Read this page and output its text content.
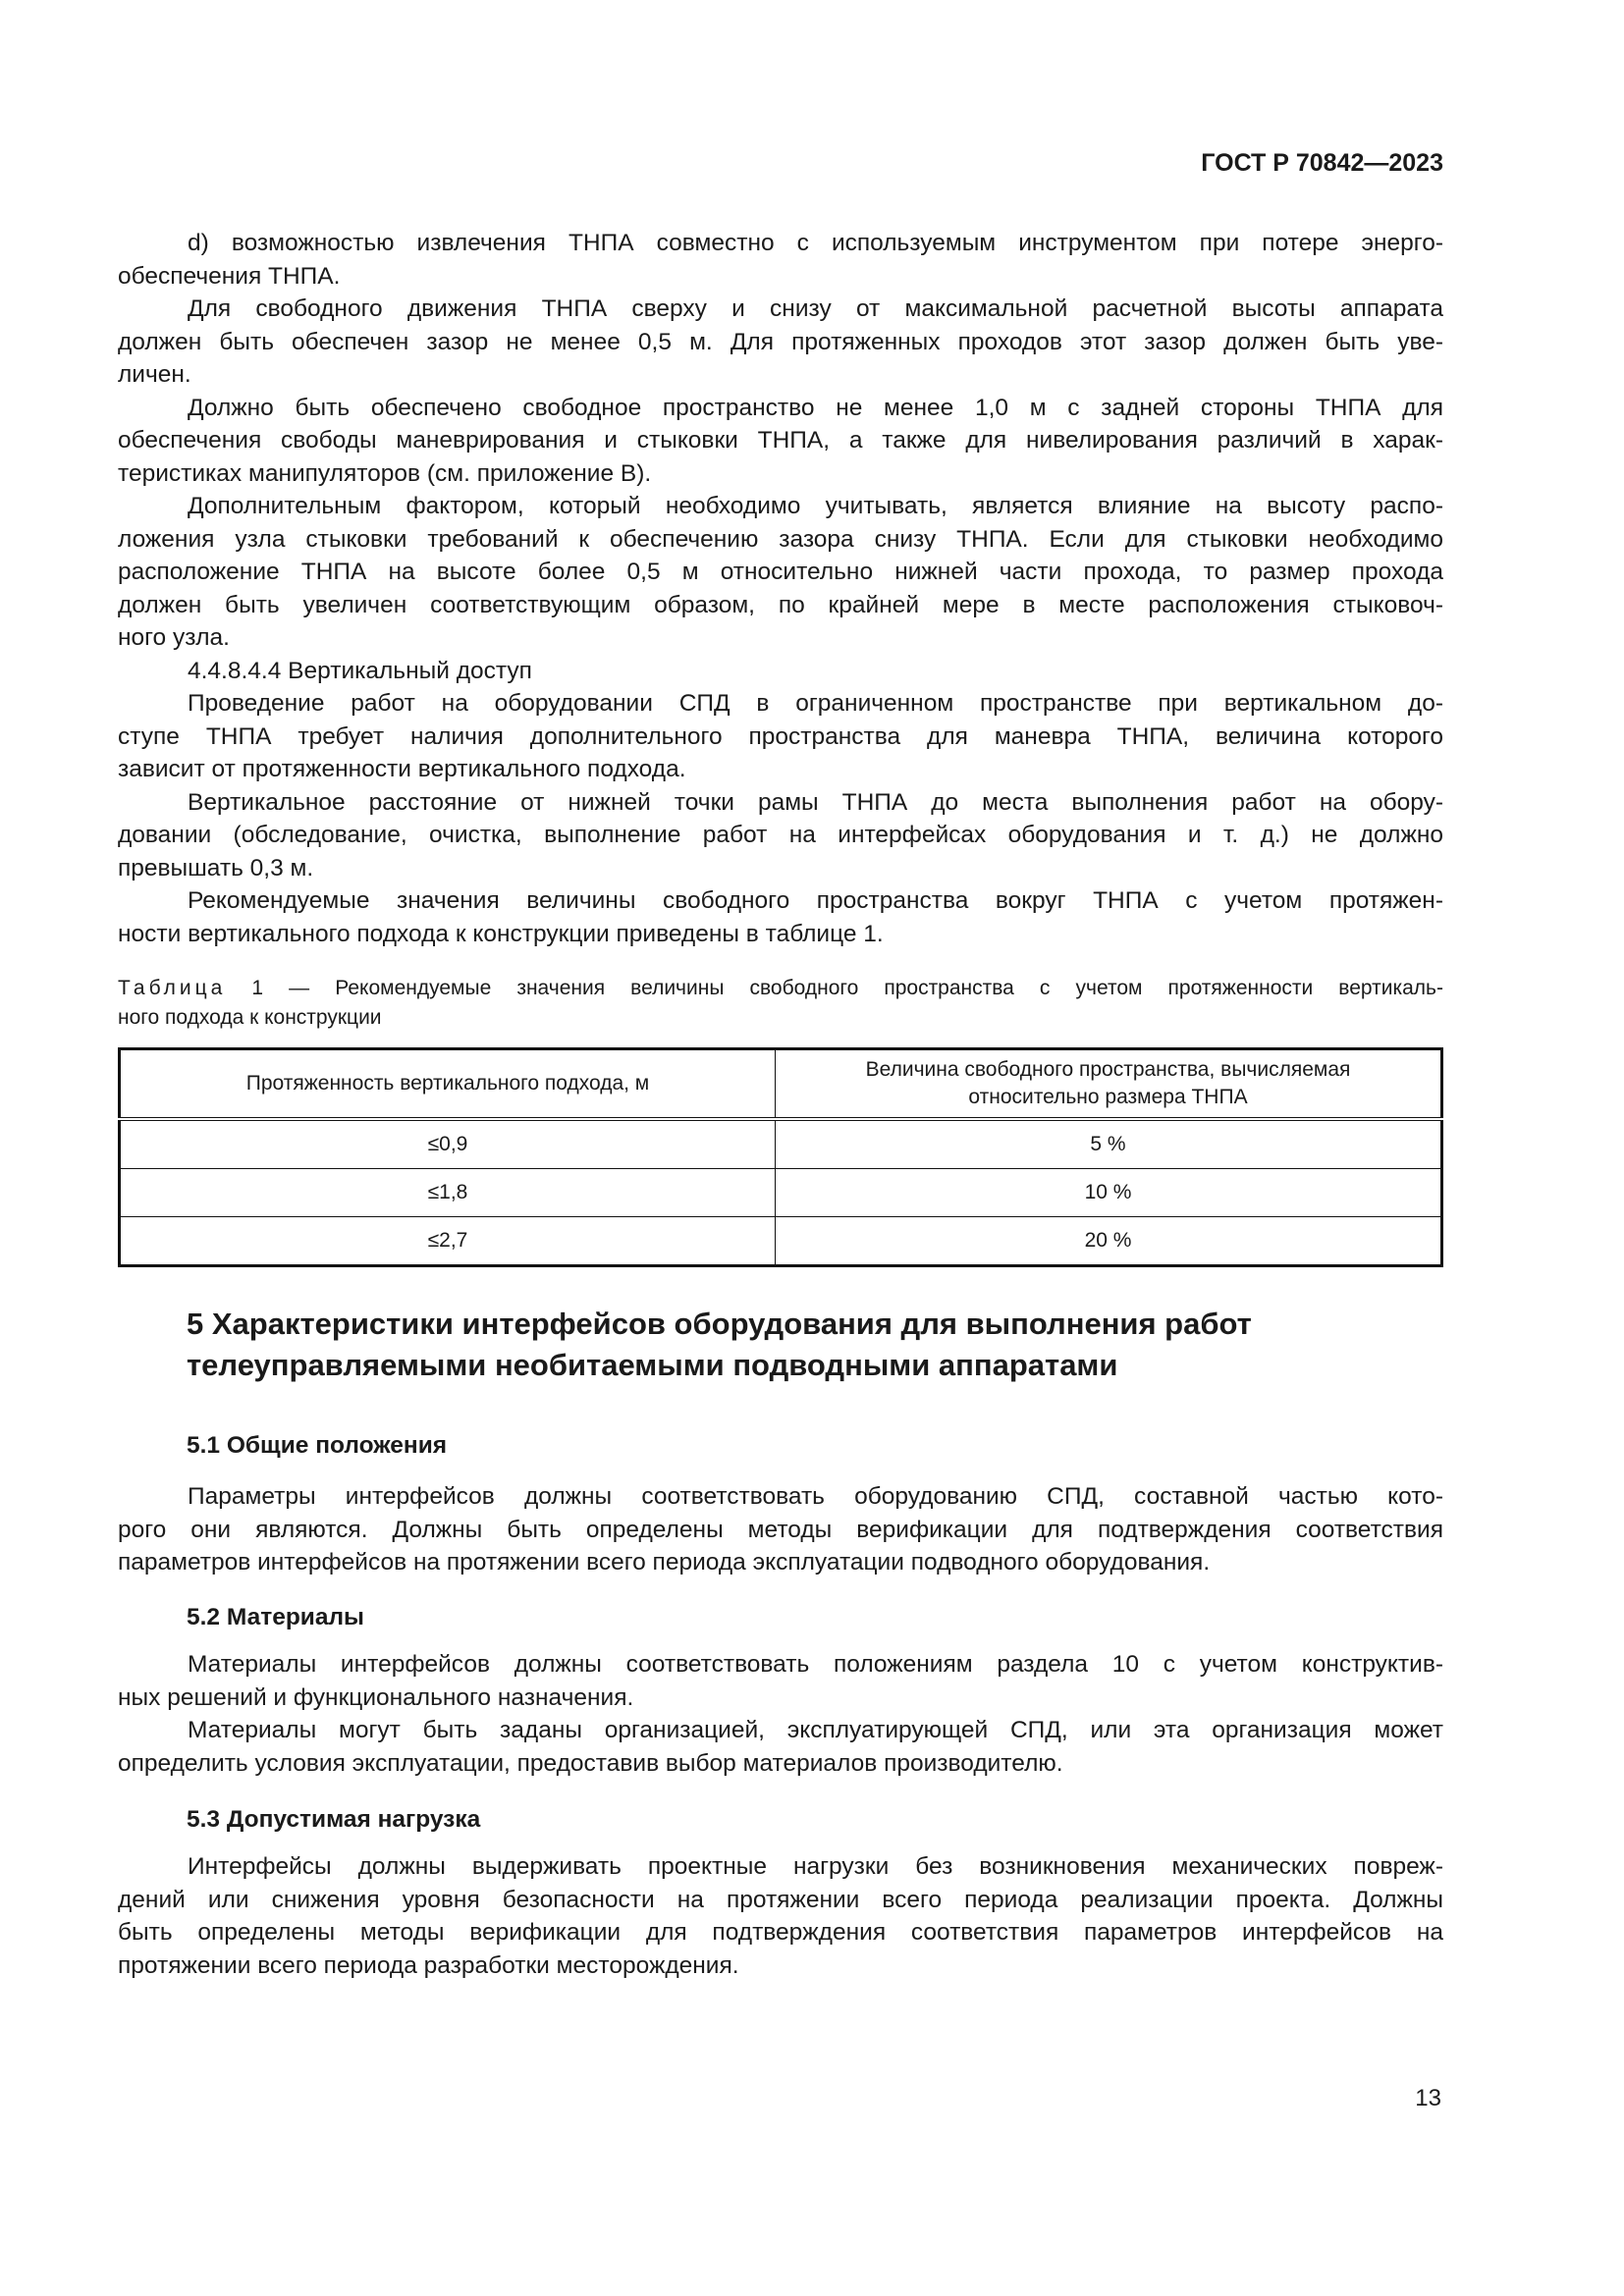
ГОСТ Р 70842—2023
d) возможностью извлечения ТНПА совместно с используемым инструментом при потере энерго-
обеспечения ТНПА.
Для свободного движения ТНПА сверху и снизу от максимальной расчетной высоты аппарата
должен быть обеспечен зазор не менее 0,5 м. Для протяженных проходов этот зазор должен быть уве-
личен.
Должно быть обеспечено свободное пространство не менее 1,0 м с задней стороны ТНПА для
обеспечения свободы маневрирования и стыковки ТНПА, а также для нивелирования различий в харак-
теристиках манипуляторов (см. приложение В).
Дополнительным фактором, который необходимо учитывать, является влияние на высоту распо-
ложения узла стыковки требований к обеспечению зазора снизу ТНПА. Если для стыковки необходимо
расположение ТНПА на высоте более 0,5 м относительно нижней части прохода, то размер прохода
должен быть увеличен соответствующим образом, по крайней мере в месте расположения стыковоч-
ного узла.
4.4.8.4.4 Вертикальный доступ
Проведение работ на оборудовании СПД в ограниченном пространстве при вертикальном до-
ступе ТНПА требует наличия дополнительного пространства для маневра ТНПА, величина которого
зависит от протяженности вертикального подхода.
Вертикальное расстояние от нижней точки рамы ТНПА до места выполнения работ на обору-
довании (обследование, очистка, выполнение работ на интерфейсах оборудования и т. д.) не должно
превышать 0,3 м.
Рекомендуемые значения величины свободного пространства вокруг ТНПА с учетом протяжен-
ности вертикального подхода к конструкции приведены в таблице 1.
Таблица 1 — Рекомендуемые значения величины свободного пространства с учетом протяженности вертикаль-
ного подхода к конструкции
Протяженность вертикального подхода, м	Величина свободного пространства, вычисляемая
относительно размера ТНПА
≤0,9	5 %
≤1,8	10 %
≤2,7	20 %
5 Характеристики интерфейсов оборудования для выполнения работ
телеуправляемыми необитаемыми подводными аппаратами
5.1 Общие положения
Параметры интерфейсов должны соответствовать оборудованию СПД, составной частью кото-
рого они являются. Должны быть определены методы верификации для подтверждения соответствия
параметров интерфейсов на протяжении всего периода эксплуатации подводного оборудования.
5.2 Материалы
Материалы интерфейсов должны соответствовать положениям раздела 10 с учетом конструктив-
ных решений и функционального назначения.
Материалы могут быть заданы организацией, эксплуатирующей СПД, или эта организация может
определить условия эксплуатации, предоставив выбор материалов производителю.
5.3 Допустимая нагрузка
Интерфейсы должны выдерживать проектные нагрузки без возникновения механических повреж-
дений или снижения уровня безопасности на протяжении всего периода реализации проекта. Должны
быть определены методы верификации для подтверждения соответствия параметров интерфейсов на
протяжении всего периода разработки месторождения.
13
